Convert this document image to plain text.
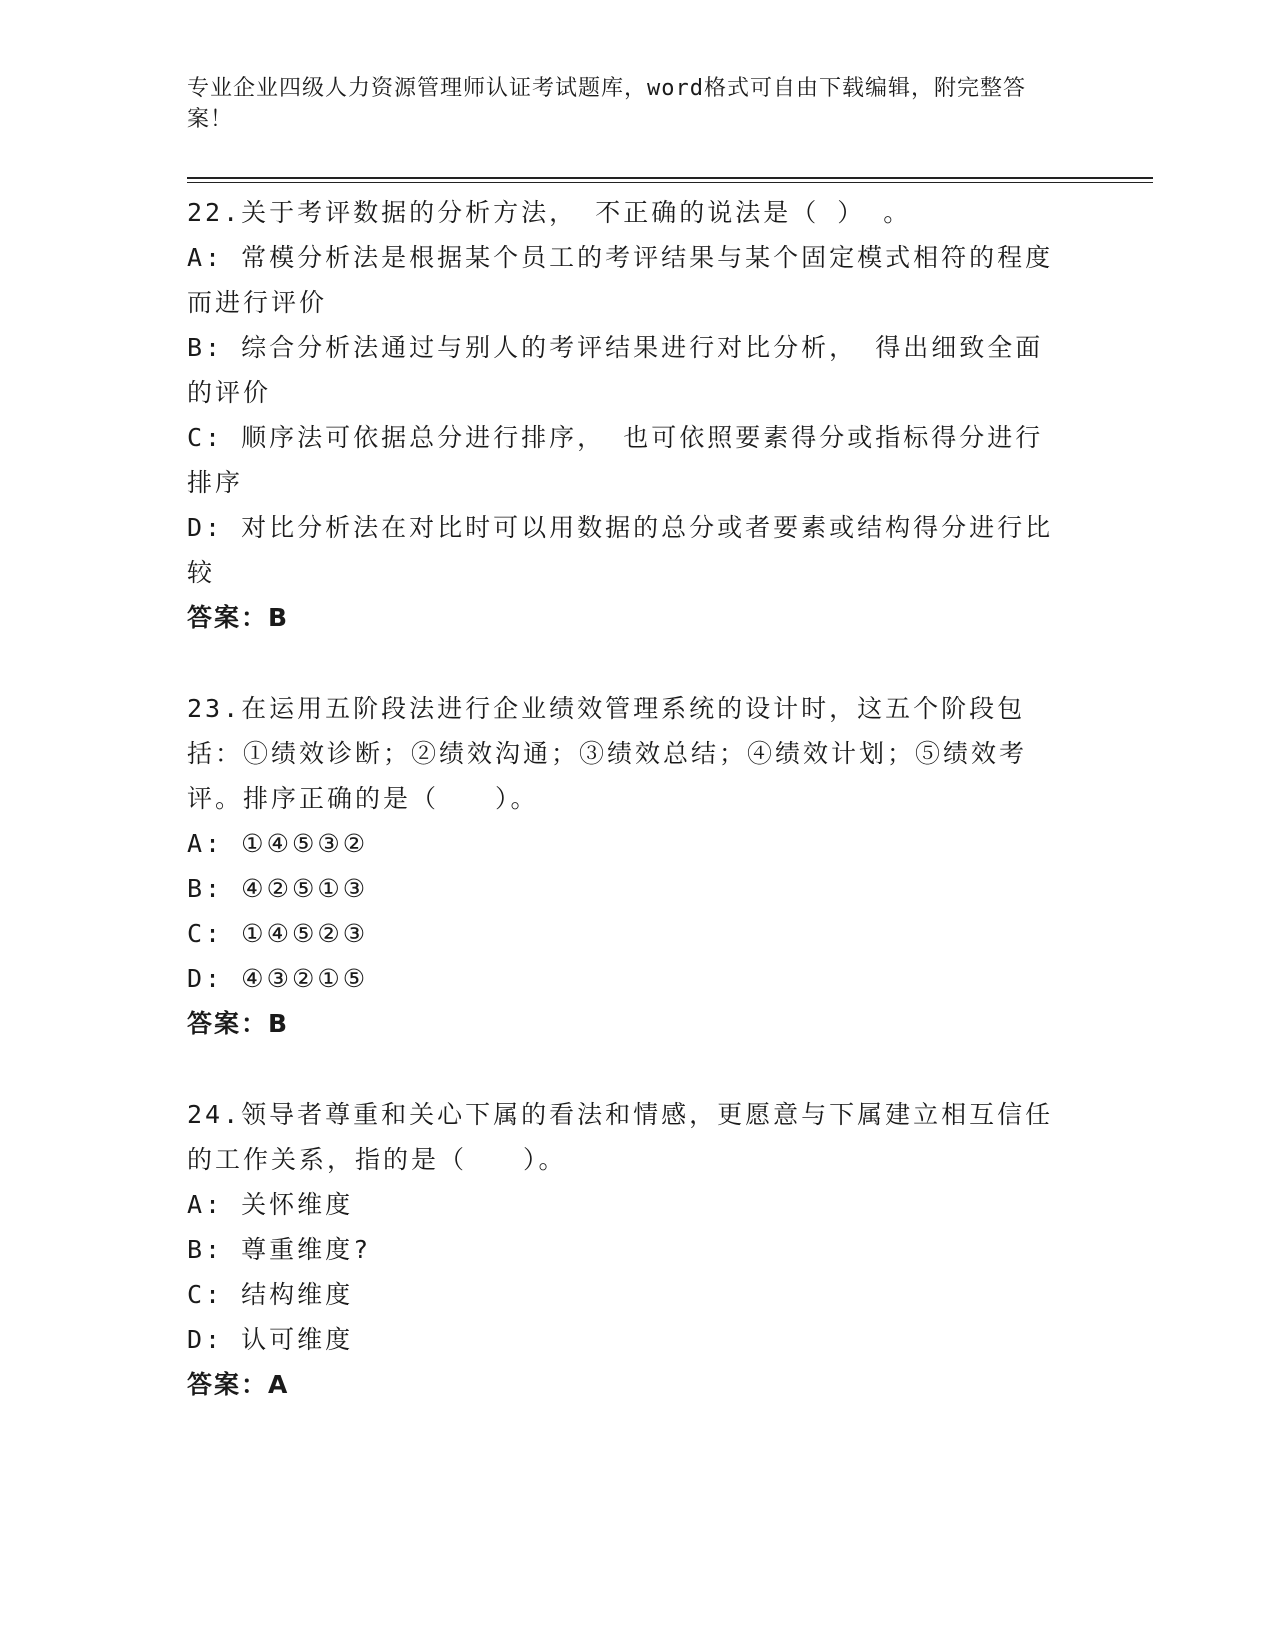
专业企业四级人力资源管理师认证考试题库，word格式可自由下载编辑，附完整答案！
22.关于考评数据的分析方法， 不正确的说法是（ ） 。
A: 常模分析法是根据某个员工的考评结果与某个固定模式相符的程度而进行评价
B: 综合分析法通过与别人的考评结果进行对比分析， 得出细致全面的评价
C: 顺序法可依据总分进行排序， 也可依照要素得分或指标得分进行排序
D: 对比分析法在对比时可以用数据的总分或者要素或结构得分进行比较
答案：B
23.在运用五阶段法进行企业绩效管理系统的设计时，这五个阶段包括：①绩效诊断；②绩效沟通；③绩效总结；④绩效计划；⑤绩效考评。排序正确的是（　　）。
A: ①④⑤③②
B: ④②⑤①③
C: ①④⑤②③
D: ④③②①⑤
答案：B
24.领导者尊重和关心下属的看法和情感，更愿意与下属建立相互信任的工作关系，指的是（　　）。
A: 关怀维度
B: 尊重维度?
C: 结构维度
D: 认可维度
答案：A
